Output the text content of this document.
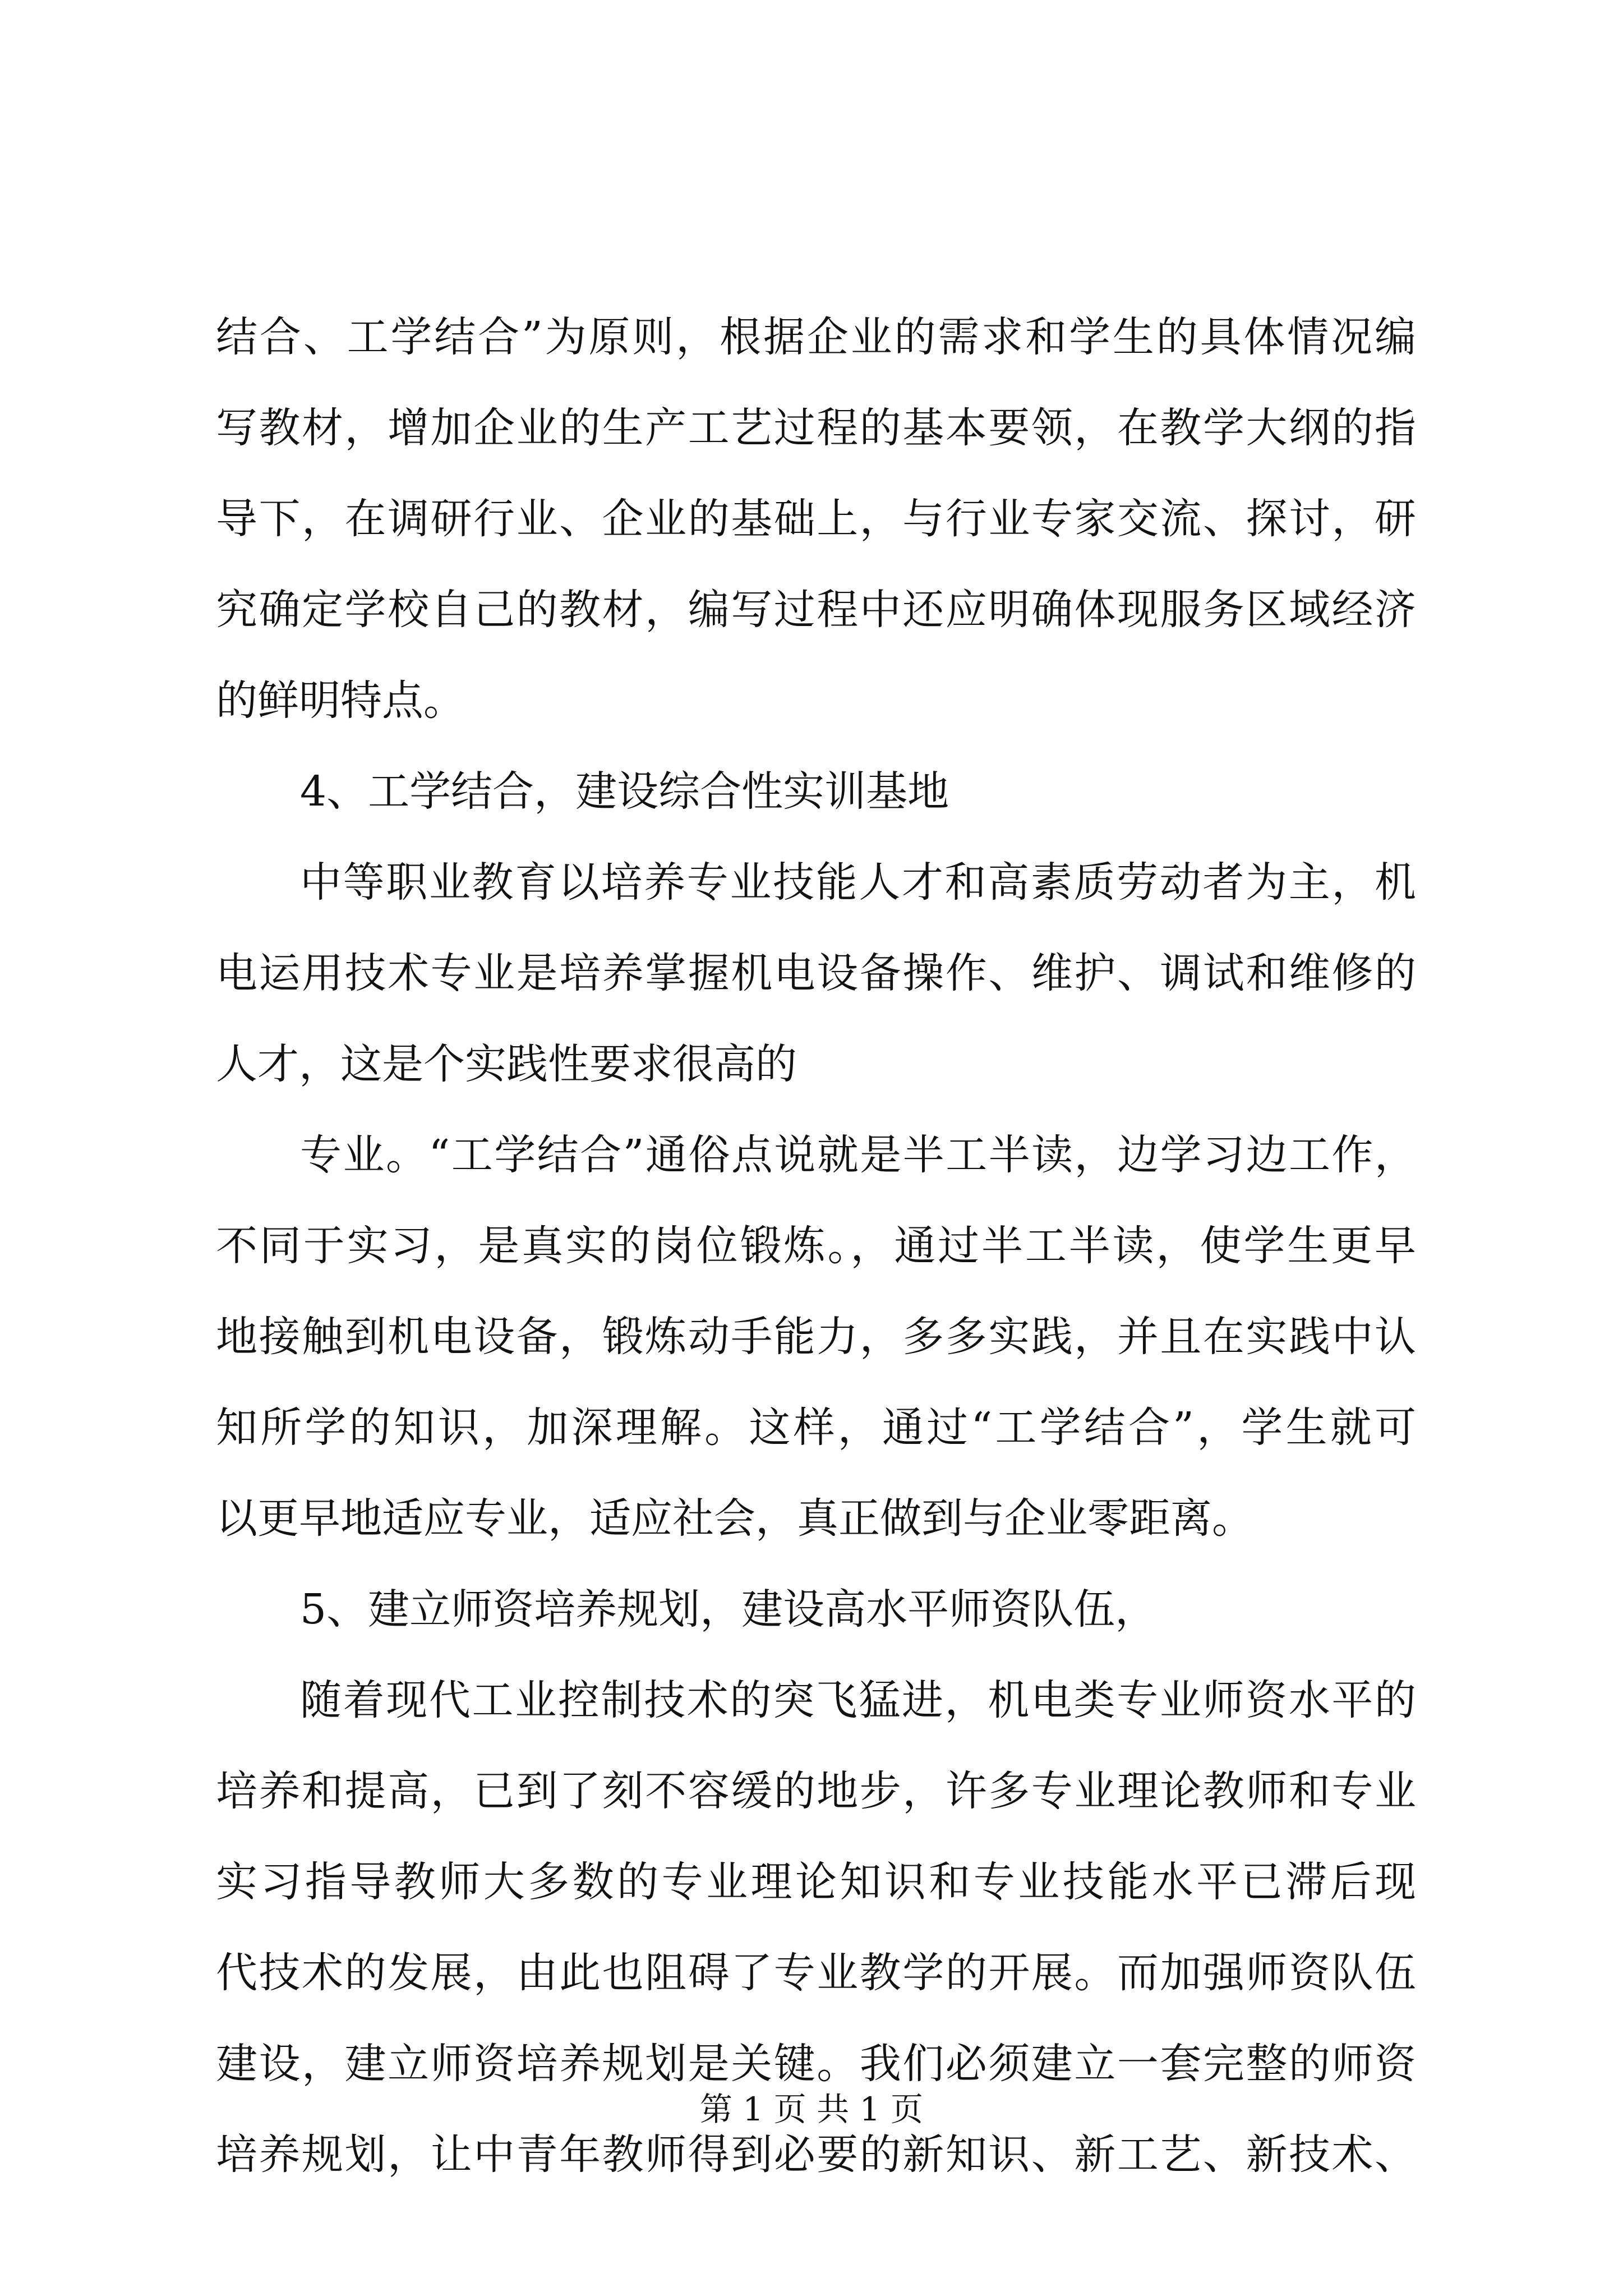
结合、工学结合”为原则，根据企业的需求和学生的具体情况编
写教材，增加企业的生产工艺过程的基本要领，在教学大纲的指
导下，在调研行业、企业的基础上，与行业专家交流、探讨，研
究确定学校自己的教材，编写过程中还应明确体现服务区域经济
的鲜明特点。
4、工学结合，建设综合性实训基地
中等职业教育以培养专业技能人才和高素质劳动者为主，机
电运用技术专业是培养掌握机电设备操作、维护、调试和维修的
人才，这是个实践性要求很高的
专业。“工学结合”通俗点说就是半工半读，边学习边工作，
不同于实习，是真实的岗位锻炼。，通过半工半读，使学生更早
地接触到机电设备，锻炼动手能力，多多实践，并且在实践中认
知所学的知识，加深理解。这样，通过“工学结合”，学生就可
以更早地适应专业，适应社会，真正做到与企业零距离。
5、建立师资培养规划，建设高水平师资队伍，
随着现代工业控制技术的突飞猛进，机电类专业师资水平的
培养和提高，已到了刻不容缓的地步，许多专业理论教师和专业
实习指导教师大多数的专业理论知识和专业技能水平已滞后现
代技术的发展，由此也阻碍了专业教学的开展。而加强师资队伍
建设，建立师资培养规划是关键。我们必须建立一套完整的师资
培养规划，让中青年教师得到必要的新知识、新工艺、新技术、
第 1 页 共 1 页
